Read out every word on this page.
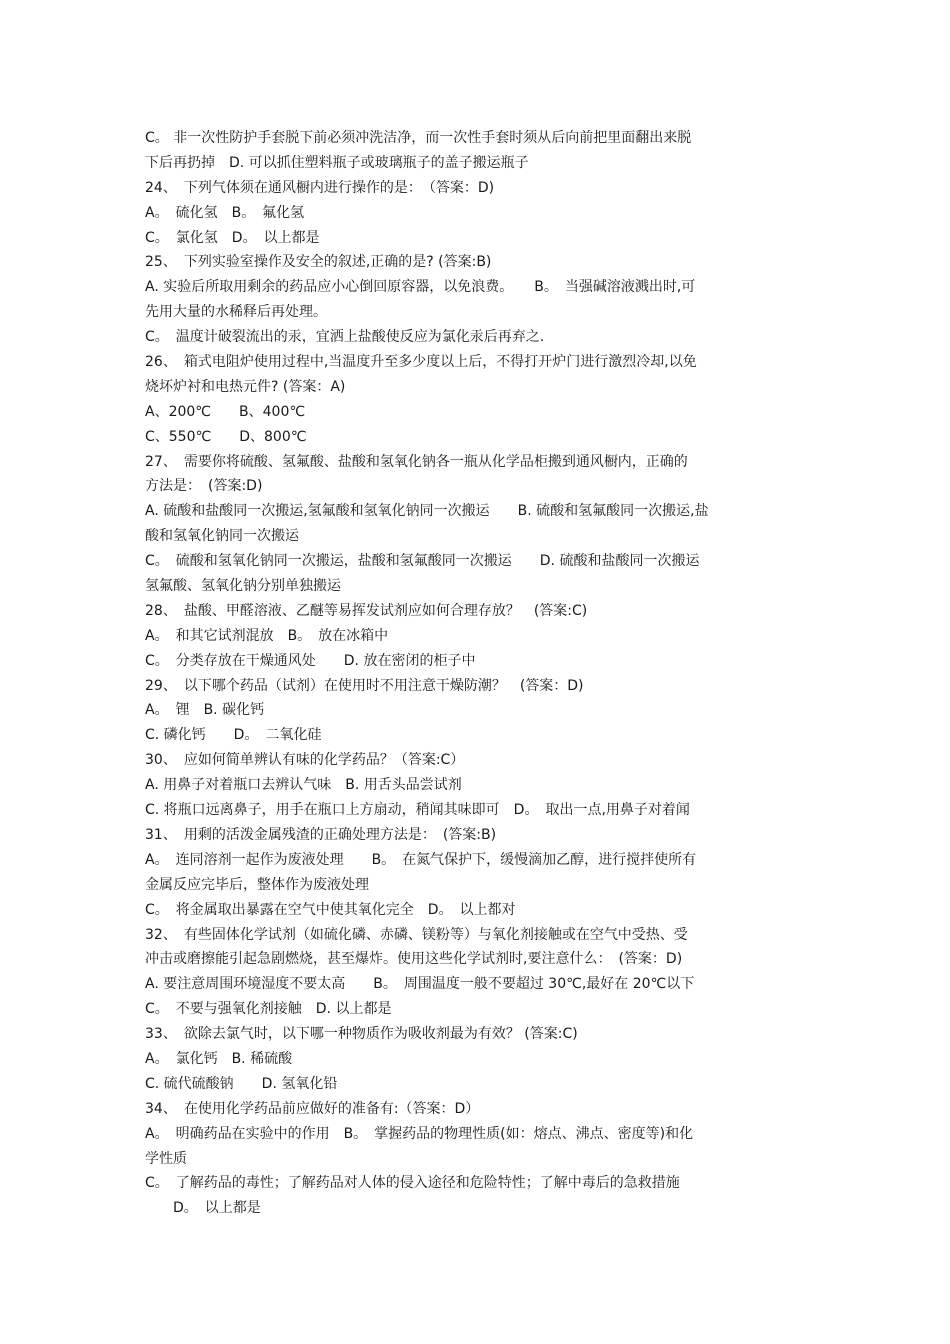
C。 非一次性防护手套脱下前必须冲洗洁净，而一次性手套时须从后向前把里面翻出来脱
下后再扔掉　D. 可以抓住塑料瓶子或玻璃瓶子的盖子搬运瓶子
24、　下列气体须在通风橱内进行操作的是：　（答案：D)
A。　硫化氢　B。　氟化氢
C。　氯化氢　D。　以上都是
25、　下列实验室操作及安全的叙述,正确的是? (答案:B)
A. 实验后所取用剩余的药品应小心倒回原容器，以免浪费。　　B。　当强碱溶液溅出时,可
先用大量的水稀释后再处理。
C。　温度计破裂流出的汞，宜洒上盐酸使反应为氯化汞后再弃之.
26、　箱式电阻炉使用过程中,当温度升至多少度以上后，不得打开炉门进行激烈冷却,以免
烧坏炉衬和电热元件? (答案：A)
A、200℃　　B、400℃
C、550℃　　D、800℃
27、　需要你将硫酸、氢氟酸、盐酸和氢氧化钠各一瓶从化学品柜搬到通风橱内，正确的
方法是：　(答案:D)
A. 硫酸和盐酸同一次搬运,氢氟酸和氢氧化钠同一次搬运　　B. 硫酸和氢氟酸同一次搬运,盐
酸和氢氧化钠同一次搬运
C。　硫酸和氢氧化钠同一次搬运，盐酸和氢氟酸同一次搬运　　D. 硫酸和盐酸同一次搬运
氢氟酸、氢氧化钠分别单独搬运
28、　盐酸、甲醛溶液、乙醚等易挥发试剂应如何合理存放？　(答案:C)
A。　和其它试剂混放　B。　放在冰箱中
C。　分类存放在干燥通风处　　D. 放在密闭的柜子中
29、　以下哪个药品（试剂）在使用时不用注意干燥防潮？　(答案：D)
A。　锂　B. 碳化钙
C. 磷化钙　　D。　二氧化硅
30、　应如何简单辨认有味的化学药品？（答案:C）
A. 用鼻子对着瓶口去辨认气味　B. 用舌头品尝试剂
C. 将瓶口远离鼻子，用手在瓶口上方扇动，稍闻其味即可　D。　取出一点,用鼻子对着闻
31、　用剩的活泼金属残渣的正确处理方法是：　(答案:B)
A。　连同溶剂一起作为废液处理　　B。　在氮气保护下，缓慢滴加乙醇，进行搅拌使所有
金属反应完毕后，整体作为废液处理
C。　将金属取出暴露在空气中使其氧化完全　D。　以上都对
32、　有些固体化学试剂（如硫化磷、赤磷、镁粉等）与氧化剂接触或在空气中受热、受
冲击或磨擦能引起急剧燃烧，甚至爆炸。使用这些化学试剂时,要注意什么：　(答案：D)
A. 要注意周围环境湿度不要太高　　B。　周围温度一般不要超过 30℃,最好在 20℃以下
C。　不要与强氧化剂接触　D. 以上都是
33、　欲除去氯气时，以下哪一种物质作为吸收剂最为有效？ (答案:C)
A。　氯化钙　B. 稀硫酸
C. 硫代硫酸钠　　D. 氢氧化铅
34、　在使用化学药品前应做好的准备有:（答案：D）
A。　明确药品在实验中的作用　B。　掌握药品的物理性质(如：熔点、沸点、密度等)和化
学性质
C。　了解药品的毒性；了解药品对人体的侵入途径和危险特性；了解中毒后的急救措施
　　D。　以上都是
